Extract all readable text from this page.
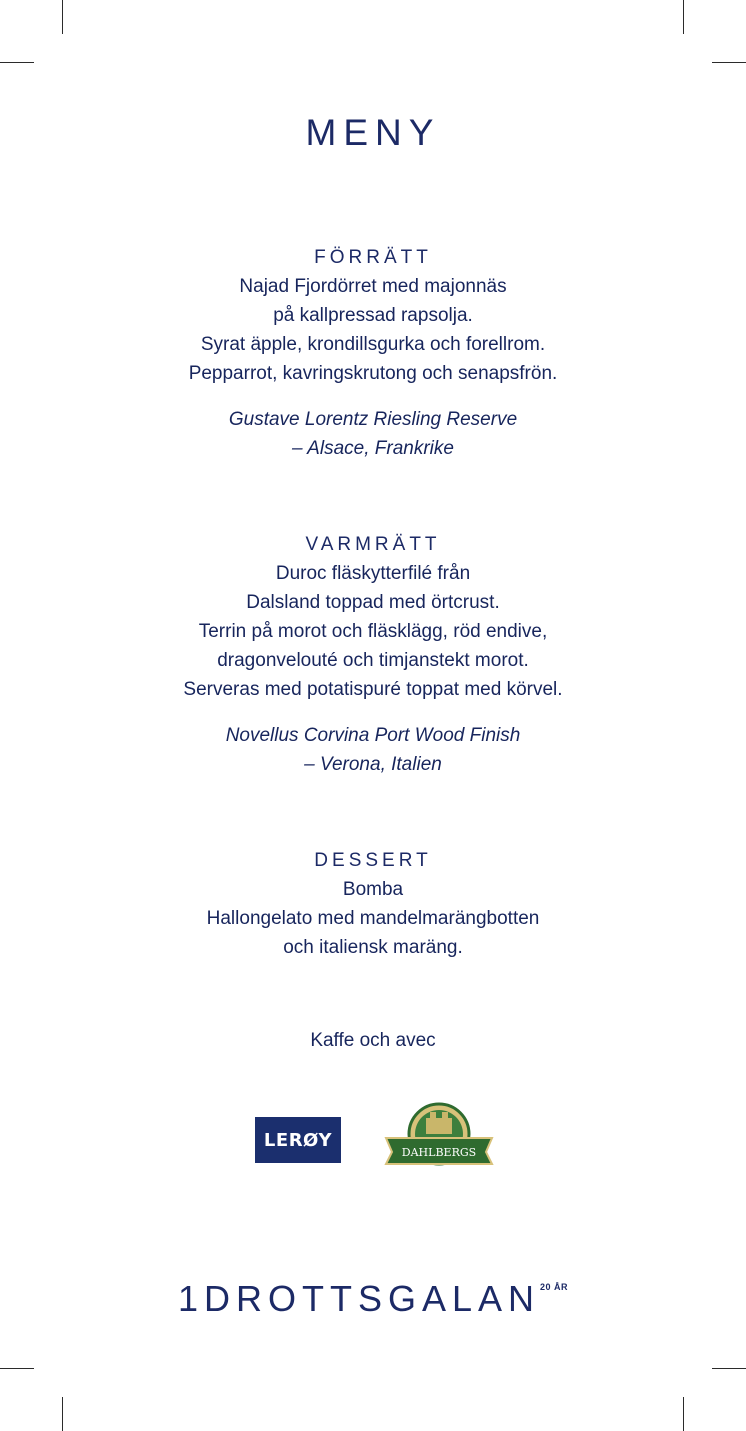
MENY
FÖRRÄTT
Najad Fjordörret med majonnäs
på kallpressad rapsolja.
Syrat äpple, krondillsgurka och forellrom.
Pepparrot, kavringskrutong och senapsfrön.
Gustave Lorentz Riesling Reserve
– Alsace, Frankrike
VARMRÄTT
Duroc fläskytterfilé från
Dalsland toppad med örtcrust.
Terrin på morot och fläsklägg, röd endive,
dragonvelouté och timjanstekt morot.
Serveras med potatispuré toppat med körvel.
Novellus Corvina Port Wood Finish
– Verona, Italien
DESSERT
Bomba
Hallongelato med mandelmarängbotten
och italiensk maräng.
Kaffe och avec
LERØY
DAHLBERGS
$1DROTTSGALAN^{20 ÅR}$
